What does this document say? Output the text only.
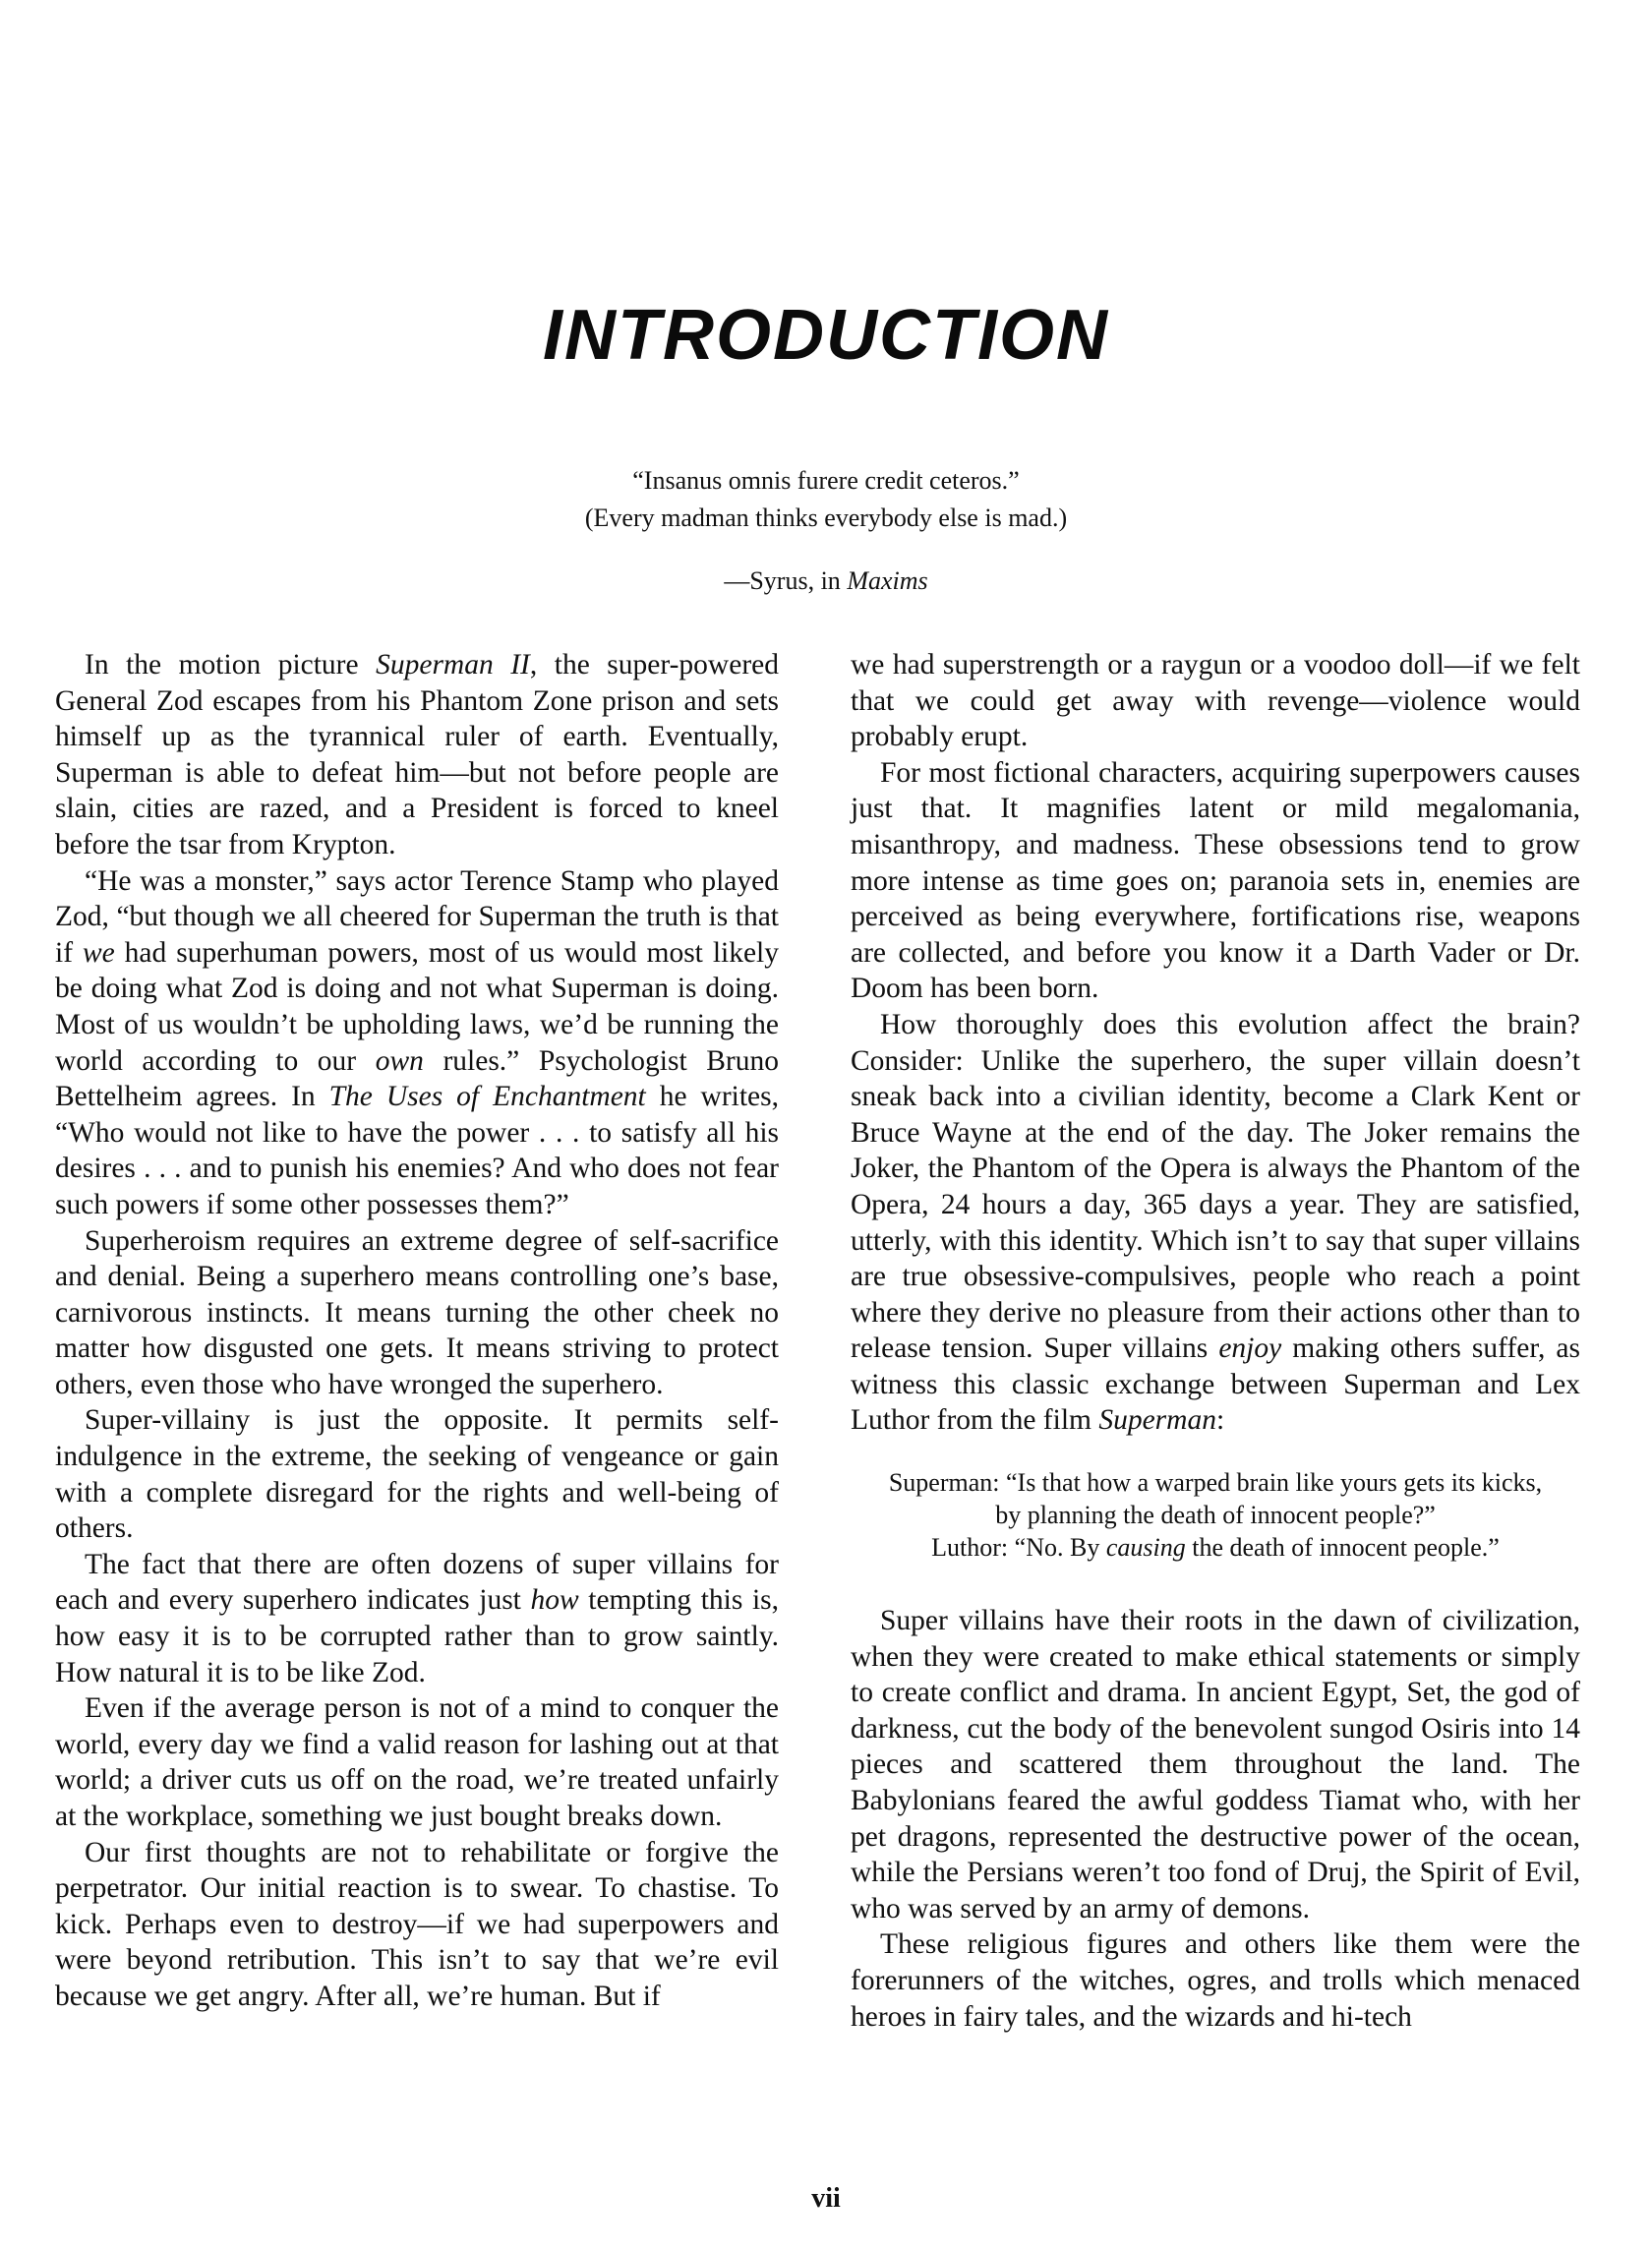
INTRODUCTION
“Insanus omnis furere credit ceteros.”
(Every madman thinks everybody else is mad.)
—Syrus, in Maxims

In the motion picture Superman II, the super-powered General Zod escapes from his Phantom Zone prison and sets himself up as the tyrannical ruler of earth. Eventually, Superman is able to defeat him—but not before people are slain, cities are razed, and a President is forced to kneel before the tsar from Krypton.

“He was a monster,” says actor Terence Stamp who played Zod, “but though we all cheered for Superman the truth is that if we had superhuman powers, most of us would most likely be doing what Zod is doing and not what Superman is doing. Most of us wouldn’t be upholding laws, we’d be running the world according to our own rules.” Psychologist Bruno Bettelheim agrees. In The Uses of Enchantment he writes, “Who would not like to have the power . . . to satisfy all his desires . . . and to punish his enemies? And who does not fear such powers if some other possesses them?”

Superheroism requires an extreme degree of self-sacrifice and denial. Being a superhero means controlling one’s base, carnivorous instincts. It means turning the other cheek no matter how disgusted one gets. It means striving to protect others, even those who have wronged the superhero.

Super-villainy is just the opposite. It permits self-indulgence in the extreme, the seeking of vengeance or gain with a complete disregard for the rights and well-being of others.

The fact that there are often dozens of super villains for each and every superhero indicates just how tempting this is, how easy it is to be corrupted rather than to grow saintly. How natural it is to be like Zod.

Even if the average person is not of a mind to conquer the world, every day we find a valid reason for lashing out at that world; a driver cuts us off on the road, we’re treated unfairly at the workplace, something we just bought breaks down.

Our first thoughts are not to rehabilitate or forgive the perpetrator. Our initial reaction is to swear. To chastise. To kick. Perhaps even to destroy—if we had superpowers and were beyond retribution. This isn’t to say that we’re evil because we get angry. After all, we’re human. But if

we had superstrength or a raygun or a voodoo doll—if we felt that we could get away with revenge—violence would probably erupt.

For most fictional characters, acquiring superpowers causes just that. It magnifies latent or mild megalomania, misanthropy, and madness. These obsessions tend to grow more intense as time goes on; paranoia sets in, enemies are perceived as being everywhere, fortifications rise, weapons are collected, and before you know it a Darth Vader or Dr. Doom has been born.

How thoroughly does this evolution affect the brain? Consider: Unlike the superhero, the super villain doesn’t sneak back into a civilian identity, become a Clark Kent or Bruce Wayne at the end of the day. The Joker remains the Joker, the Phantom of the Opera is always the Phantom of the Opera, 24 hours a day, 365 days a year. They are satisfied, utterly, with this identity. Which isn’t to say that super villains are true obsessive-compulsives, people who reach a point where they derive no pleasure from their actions other than to release tension. Super villains enjoy making others suffer, as witness this classic exchange between Superman and Lex Luthor from the film Superman:

Superman: “Is that how a warped brain like yours gets its kicks,
by planning the death of innocent people?”
Luthor: “No. By causing the death of innocent people.”

Super villains have their roots in the dawn of civilization, when they were created to make ethical statements or simply to create conflict and drama. In ancient Egypt, Set, the god of darkness, cut the body of the benevolent sungod Osiris into 14 pieces and scattered them throughout the land. The Babylonians feared the awful goddess Tiamat who, with her pet dragons, represented the destructive power of the ocean, while the Persians weren’t too fond of Druj, the Spirit of Evil, who was served by an army of demons.

These religious figures and others like them were the forerunners of the witches, ogres, and trolls which menaced heroes in fairy tales, and the wizards and hi-tech

vii
